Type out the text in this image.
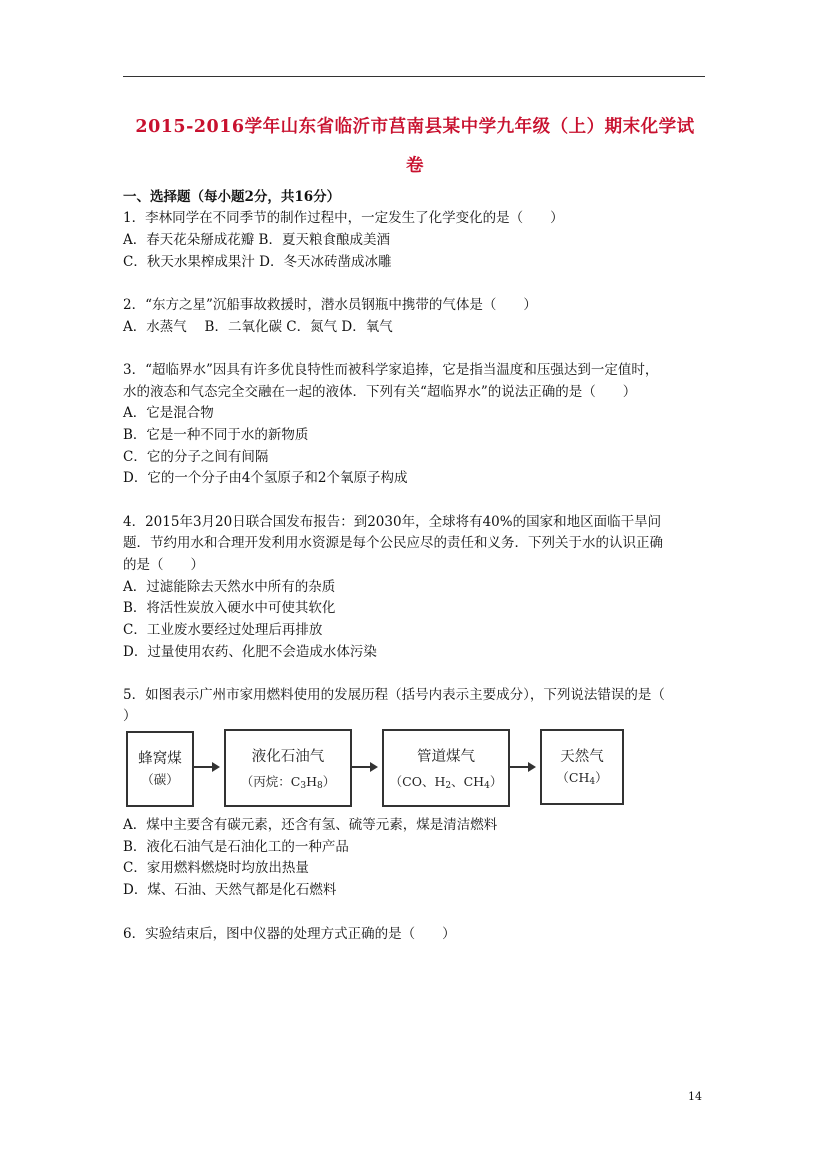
2015-2016学年山东省临沂市莒南县某中学九年级（上）期末化学试
卷
一、选择题（每小题2分，共16分）
1．李林同学在不同季节的制作过程中，一定发生了化学变化的是（　　）
A．春天花朵掰成花瓣 B．夏天粮食酿成美酒
C．秋天水果榨成果汁 D．冬天冰砖凿成冰雕
2．“东方之星”沉船事故救援时，潜水员钢瓶中携带的气体是（　　）
A．水蒸气　 B．二氧化碳 C．氮气 D．氧气
3．“超临界水”因具有许多优良特性而被科学家追捧，它是指当温度和压强达到一定值时，
水的液态和气态完全交融在一起的液体．下列有关“超临界水”的说法正确的是（　　）
A．它是混合物
B．它是一种不同于水的新物质
C．它的分子之间有间隔
D．它的一个分子由4个氢原子和2个氧原子构成
4．2015年3月20日联合国发布报告：到2030年，全球将有40%的国家和地区面临干旱问
题．节约用水和合理开发利用水资源是每个公民应尽的责任和义务．下列关于水的认识正确
的是（　　）
A．过滤能除去天然水中所有的杂质
B．将活性炭放入硬水中可使其软化
C．工业废水要经过处理后再排放
D．过量使用农药、化肥不会造成水体污染
5．如图表示广州市家用燃料使用的发展历程（括号内表示主要成分），下列说法错误的是（
）
蜂窝煤
（碳）
液化石油气
（丙烷：$C_3H_8$）
管道煤气
（CO、$H_2$、$CH_4$）
天然气
$(CH_4)$
A．煤中主要含有碳元素，还含有氢、硫等元素，煤是清洁燃料
B．液化石油气是石油化工的一种产品
C．家用燃料燃烧时均放出热量
D．煤、石油、天然气都是化石燃料
6．实验结束后，图中仪器的处理方式正确的是（　　）
14
